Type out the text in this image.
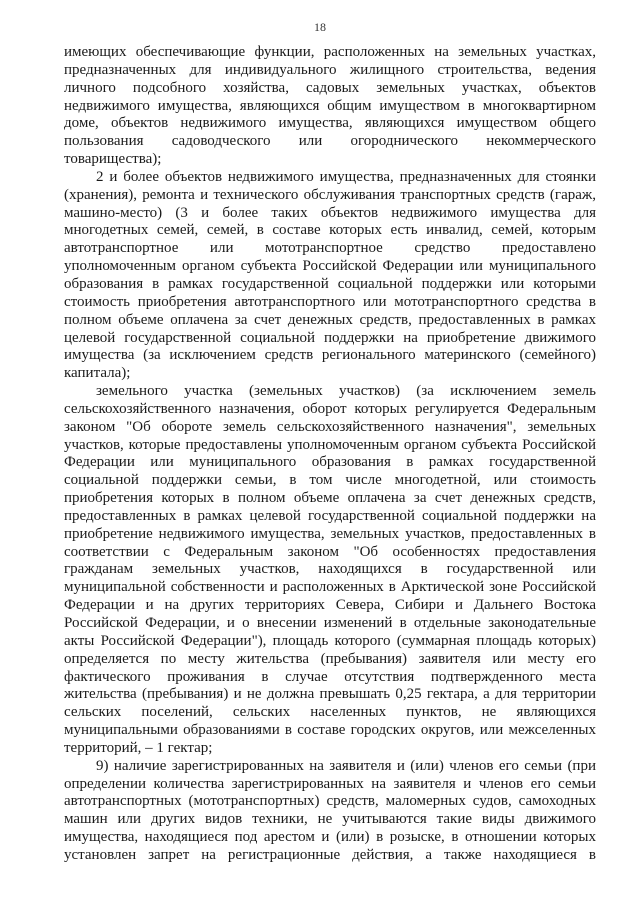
18
имеющих обеспечивающие функции, расположенных на земельных участках,
предназначенных для индивидуального жилищного строительства, ведения
личного подсобного хозяйства, садовых земельных участках, объектов
недвижимого имущества, являющихся общим имуществом в многоквартирном
доме, объектов недвижимого имущества, являющихся имуществом общего
пользования садоводческого или огороднического некоммерческого
товарищества);
2 и более объектов недвижимого имущества, предназначенных для стоянки
(хранения), ремонта и технического обслуживания транспортных средств (гараж,
машино-место) (3 и более таких объектов недвижимого имущества для
многодетных семей, семей, в составе которых есть инвалид, семей, которым
автотранспортное или мототранспортное средство предоставлено
уполномоченным органом субъекта Российской Федерации или муниципального
образования в рамках государственной социальной поддержки или которыми
стоимость приобретения автотранспортного или мототранспортного средства в
полном объеме оплачена за счет денежных средств, предоставленных в рамках
целевой государственной социальной поддержки на приобретение движимого
имущества (за исключением средств регионального материнского (семейного)
капитала);
земельного участка (земельных участков) (за исключением земель
сельскохозяйственного назначения, оборот которых регулируется Федеральным
законом "Об обороте земель сельскохозяйственного назначения", земельных
участков, которые предоставлены уполномоченным органом субъекта Российской
Федерации или муниципального образования в рамках государственной
социальной поддержки семьи, в том числе многодетной, или стоимость
приобретения которых в полном объеме оплачена за счет денежных средств,
предоставленных в рамках целевой государственной социальной поддержки на
приобретение недвижимого имущества, земельных участков, предоставленных в
соответствии с Федеральным законом "Об особенностях предоставления
гражданам земельных участков, находящихся в государственной или
муниципальной собственности и расположенных в Арктической зоне Российской
Федерации и на других территориях Севера, Сибири и Дальнего Востока
Российской Федерации, и о внесении изменений в отдельные законодательные
акты Российской Федерации"), площадь которого (суммарная площадь которых)
определяется по месту жительства (пребывания) заявителя или месту его
фактического проживания в случае отсутствия подтвержденного места
жительства (пребывания) и не должна превышать 0,25 гектара, а для территории
сельских поселений, сельских населенных пунктов, не являющихся
муниципальными образованиями в составе городских округов, или межселенных
территорий, – 1 гектар;
9) наличие зарегистрированных на заявителя и (или) членов его семьи (при
определении количества зарегистрированных на заявителя и членов его семьи
автотранспортных (мототранспортных) средств, маломерных судов, самоходных
машин или других видов техники, не учитываются такие виды движимого
имущества, находящиеся под арестом и (или) в розыске, в отношении которых
установлен запрет на регистрационные действия, а также находящиеся в
